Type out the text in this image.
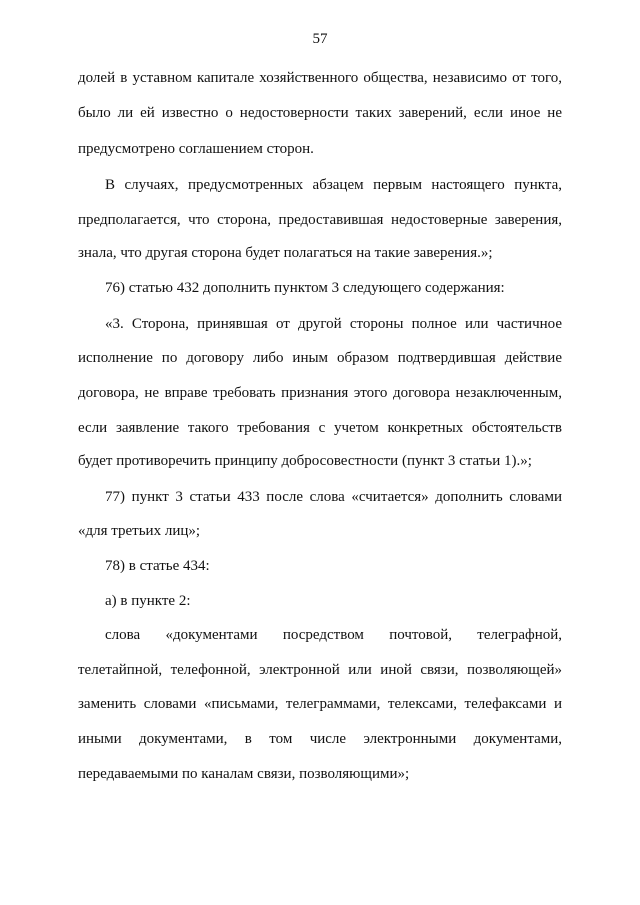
57
долей в уставном капитале хозяйственного общества, независимо от того,
было ли ей известно о недостоверности таких заверений, если иное не
предусмотрено соглашением сторон.
В случаях, предусмотренных абзацем первым настоящего пункта,
предполагается, что сторона, предоставившая недостоверные заверения,
знала, что другая сторона будет полагаться на такие заверения.»;
76) статью 432 дополнить пунктом 3 следующего содержания:
«3. Сторона, принявшая от другой стороны полное или частичное
исполнение по договору либо иным образом подтвердившая действие
договора, не вправе требовать признания этого договора незаключенным,
если заявление такого требования с учетом конкретных обстоятельств
будет противоречить принципу добросовестности (пункт 3 статьи 1).»;
77) пункт 3 статьи 433 после слова «считается» дополнить словами
«для третьих лиц»;
78) в статье 434:
а) в пункте 2:
слова «документами посредством почтовой, телеграфной,
телетайпной, телефонной, электронной или иной связи, позволяющей»
заменить словами «письмами, телеграммами, телексами, телефаксами и
иными документами, в том числе электронными документами,
передаваемыми по каналам связи, позволяющими»;
